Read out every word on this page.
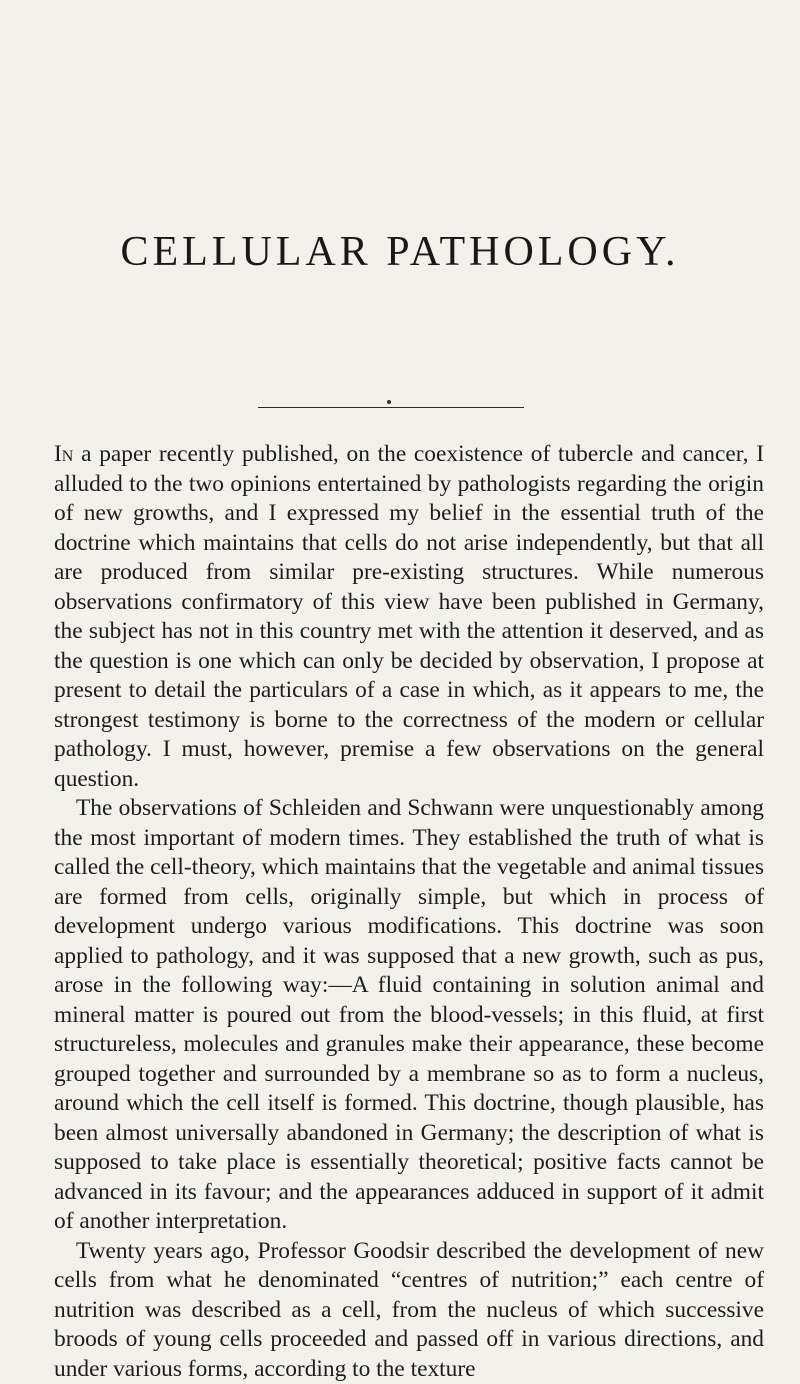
CELLULAR PATHOLOGY.

In a paper recently published, on the coexistence of tubercle and cancer, I alluded to the two opinions entertained by pathologists regarding the origin of new growths, and I expressed my belief in the essential truth of the doctrine which maintains that cells do not arise independently, but that all are produced from similar pre-existing structures. While numerous observations confirmatory of this view have been published in Germany, the subject has not in this country met with the attention it deserved, and as the question is one which can only be decided by observation, I propose at present to detail the particulars of a case in which, as it appears to me, the strongest testimony is borne to the correctness of the modern or cellular pathology. I must, however, premise a few observations on the general question.

The observations of Schleiden and Schwann were unquestionably among the most important of modern times. They established the truth of what is called the cell-theory, which maintains that the vegetable and animal tissues are formed from cells, originally simple, but which in process of development undergo various modifications. This doctrine was soon applied to pathology, and it was supposed that a new growth, such as pus, arose in the following way:—A fluid containing in solution animal and mineral matter is poured out from the blood-vessels; in this fluid, at first structureless, molecules and granules make their appearance, these become grouped together and surrounded by a membrane so as to form a nucleus, around which the cell itself is formed. This doctrine, though plausible, has been almost universally abandoned in Germany; the description of what is supposed to take place is essentially theoretical; positive facts cannot be advanced in its favour; and the appearances adduced in support of it admit of another interpretation.

Twenty years ago, Professor Goodsir described the development of new cells from what he denominated “centres of nutrition;” each centre of nutrition was described as a cell, from the nucleus of which successive broods of young cells proceeded and passed off in various directions, and under various forms, according to the texture
